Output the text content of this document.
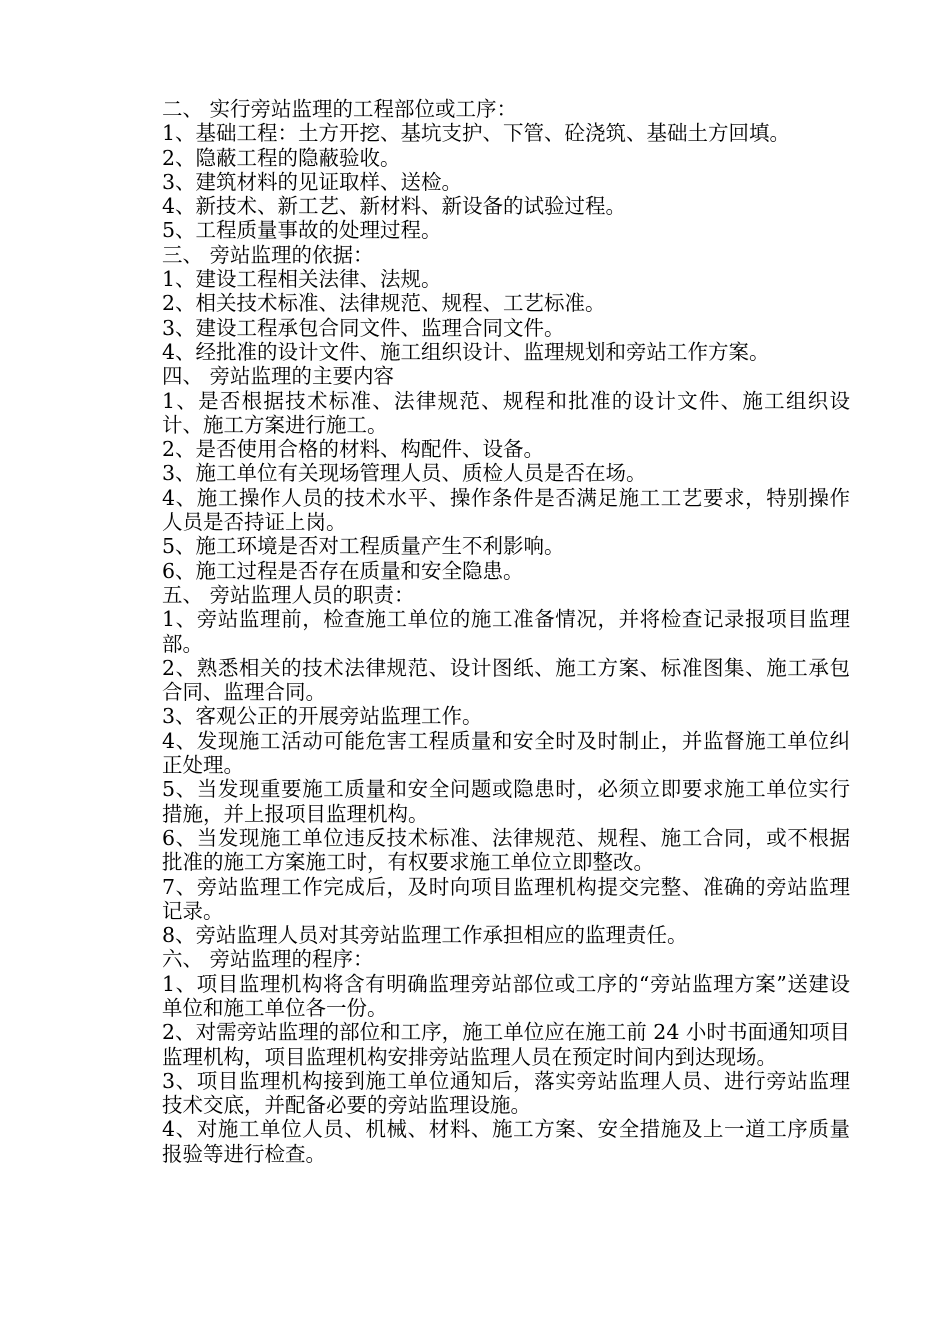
二、 实行旁站监理的工程部位或工序：

1、基础工程：土方开挖、基坑支护、下管、砼浇筑、基础土方回填。

2、隐蔽工程的隐蔽验收。

3、建筑材料的见证取样、送检。

4、新技术、新工艺、新材料、新设备的试验过程。

5、工程质量事故的处理过程。

三、 旁站监理的依据：

1、建设工程相关法律、法规。

2、相关技术标准、法律规范、规程、工艺标准。

3、建设工程承包合同文件、监理合同文件。

4、经批准的设计文件、施工组织设计、监理规划和旁站工作方案。

四、 旁站监理的主要内容

1、是否根据技术标准、法律规范、规程和批准的设计文件、施工组织设计、施工方案进行施工。

2、是否使用合格的材料、构配件、设备。

3、施工单位有关现场管理人员、质检人员是否在场。

4、施工操作人员的技术水平、操作条件是否满足施工工艺要求，特别操作人员是否持证上岗。

5、施工环境是否对工程质量产生不利影响。

6、施工过程是否存在质量和安全隐患。

五、 旁站监理人员的职责：

1、旁站监理前，检查施工单位的施工准备情况，并将检查记录报项目监理部。

2、熟悉相关的技术法律规范、设计图纸、施工方案、标准图集、施工承包合同、监理合同。

3、客观公正的开展旁站监理工作。

4、发现施工活动可能危害工程质量和安全时及时制止，并监督施工单位纠正处理。

5、当发现重要施工质量和安全问题或隐患时，必须立即要求施工单位实行措施，并上报项目监理机构。

6、当发现施工单位违反技术标准、法律规范、规程、施工合同，或不根据批准的施工方案施工时，有权要求施工单位立即整改。

7、旁站监理工作完成后，及时向项目监理机构提交完整、准确的旁站监理记录。

8、旁站监理人员对其旁站监理工作承担相应的监理责任。

六、 旁站监理的程序：

1、项目监理机构将含有明确监理旁站部位或工序的“旁站监理方案”送建设单位和施工单位各一份。

2、对需旁站监理的部位和工序，施工单位应在施工前 24 小时书面通知项目监理机构，项目监理机构安排旁站监理人员在预定时间内到达现场。

3、项目监理机构接到施工单位通知后，落实旁站监理人员、进行旁站监理技术交底，并配备必要的旁站监理设施。

4、对施工单位人员、机械、材料、施工方案、安全措施及上一道工序质量报验等进行检查。
